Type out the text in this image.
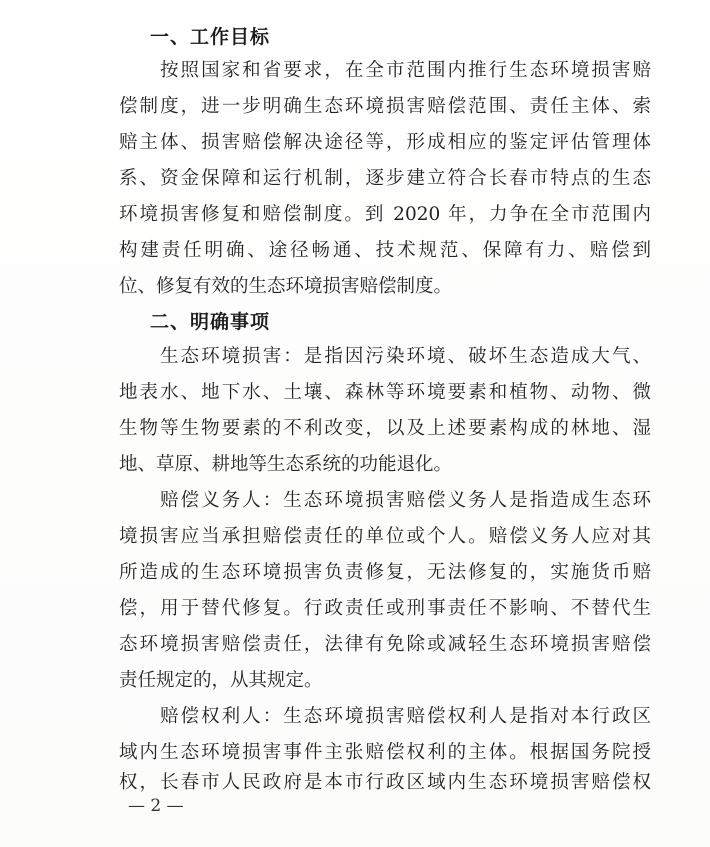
一、工作目标
按照国家和省要求，在全市范围内推行生态环境损害赔
偿制度，进一步明确生态环境损害赔偿范围、责任主体、索
赔主体、损害赔偿解决途径等，形成相应的鉴定评估管理体
系、资金保障和运行机制，逐步建立符合长春市特点的生态
环境损害修复和赔偿制度。到 2020 年，力争在全市范围内
构建责任明确、途径畅通、技术规范、保障有力、赔偿到
位、修复有效的生态环境损害赔偿制度。
二、明确事项
生态环境损害：是指因污染环境、破坏生态造成大气、
地表水、地下水、土壤、森林等环境要素和植物、动物、微
生物等生物要素的不利改变，以及上述要素构成的林地、湿
地、草原、耕地等生态系统的功能退化。
赔偿义务人：生态环境损害赔偿义务人是指造成生态环
境损害应当承担赔偿责任的单位或个人。赔偿义务人应对其
所造成的生态环境损害负责修复，无法修复的，实施货币赔
偿，用于替代修复。行政责任或刑事责任不影响、不替代生
态环境损害赔偿责任，法律有免除或减轻生态环境损害赔偿
责任规定的，从其规定。
赔偿权利人：生态环境损害赔偿权利人是指对本行政区
域内生态环境损害事件主张赔偿权利的主体。根据国务院授
权，长春市人民政府是本市行政区域内生态环境损害赔偿权
— 2 —
